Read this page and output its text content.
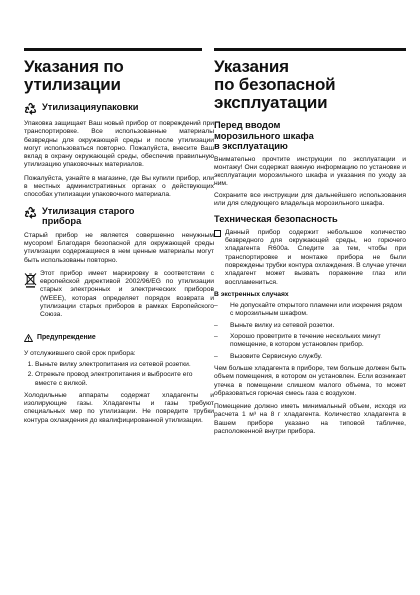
Указания по
утилизации
Утилизацияупаковки

Упаковка защищает Ваш новый прибор от повреждений при транспортировке. Все использованные материалы безвредны для окружающей среды и после утилизации могут использоваться повторно. Пожалуйста, внесите Ваш вклад в охрану окружающей среды, обеспечив правильную утилизацию упаковочных материалов.

Пожалуйста, узнайте в магазине, где Вы купили прибор, или в местных административных органах о действующих способах утилизации упаковочного материала.

Утилизация старого
прибора

Старый прибор не является совершенно ненужным мусором! Благодаря безопасной для окружающей среды утилизации содержащиеся в нем ценные материалы могут быть использованы повторно.

Этот прибор имеет маркировку в соответствии с европейской директивой 2002/96/EG по утилизации старых электронных и электрических приборов (WEEE), которая определяет порядок возврата и утилизации старых приборов в рамках Европейского Союза.

Предупреждение

У отслужившего свой срок прибора:

1. Выньте вилку электропитания из сетевой розетки.
2. Отрежьте провод электропитания и выбросите его вместе с вилкой.

Холодильные аппараты содержат хладагенты и изолирующие газы. Хладагенты и газы требуют специальных мер по утилизации. Не повредите трубки контура охлаждения до квалифицированной утилизации.

Указания
по безопасной
эксплуатации
Перед вводом
морозильного шкафа
в эксплуатацию

Внимательно прочтите инструкции по эксплуатации и монтажу! Они содержат важную информацию по установке и эксплуатации морозильного шкафа и указания по уходу за ним.

Сохраните все инструкции для дальнейшего использования или для следующего владельца морозильного шкафа.

Техническая безопасность

Данный прибор содержит небольшое количество безвредного для окружающей среды, но горючего хладагента R600a. Следите за тем, чтобы при транспортировке и монтаже прибора не были повреждены трубки контура охлаждения. В случае утечки хладагент может вызвать поражение глаз или воспламениться.

В экстренных случаях

–	Не допускайте открытого пламени или искрения рядом с морозильным шкафом.
–	Выньте вилку из сетевой розетки.
–	Хорошо проветрите в течение нескольких минут помещение, в котором установлен прибор.
–	Вызовите Сервисную службу.

Чем больше хладагента в приборе, тем больше должен быть объем помещения, в котором он установлен. Если возникает утечка в помещении слишком малого объема, то может образоваться горючая смесь газа с воздухом.

Помещение должно иметь минимальный объем, исходя из расчета 1 м³ на 8 г хладагента. Количество хладагента в Вашем приборе указано на типовой табличке, расположенной внутри прибора.
